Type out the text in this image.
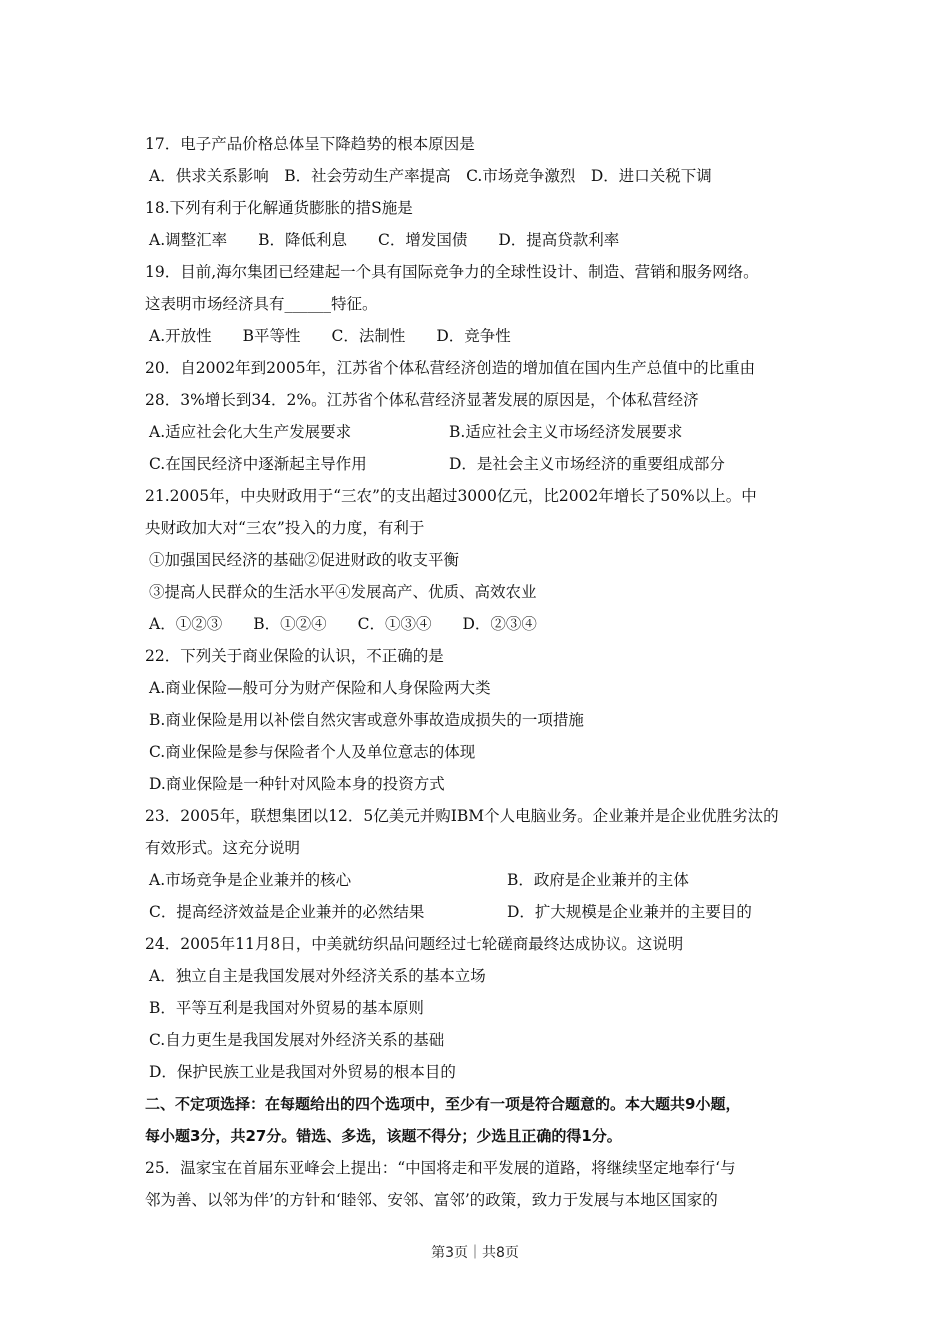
17．电子产品价格总体呈下降趋势的根本原因是
A．供求关系影响　B．社会劳动生产率提高　C.市场竞争激烈　D．进口关税下调
18.下列有利于化解通货膨胀的措S施是
A.调整汇率　　B．降低利息　　C．增发国债　　D．提高贷款利率
19．目前,海尔集团已经建起一个具有国际竞争力的全球性设计、制造、营销和服务网络。
这表明市场经济具有______特征。
A.开放性　　B平等性　　C．法制性　　D．竞争性
20．自2002年到2005年，江苏省个体私营经济创造的增加值在国内生产总值中的比重由
28．3%增长到34．2%。江苏省个体私营经济显著发展的原因是，个体私营经济
A.适应社会化大生产发展要求	B.适应社会主义市场经济发展要求
C.在国民经济中逐渐起主导作用	D．是社会主义市场经济的重要组成部分
21.2005年，中央财政用于“三农”的支出超过3000亿元，比2002年增长了50%以上。中
央财政加大对“三农”投入的力度，有利于
①加强国民经济的基础②促进财政的收支平衡
③提高人民群众的生活水平④发展高产、优质、高效农业
A．①②③　　B．①②④　　C．①③④　　D．②③④
22．下列关于商业保险的认识，不正确的是
A.商业保险—般可分为财产保险和人身保险两大类
B.商业保险是用以补偿自然灾害或意外事故造成损失的一项措施
C.商业保险是参与保险者个人及单位意志的体现
D.商业保险是一种针对风险本身的投资方式
23．2005年，联想集团以12．5亿美元并购IBM个人电脑业务。企业兼并是企业优胜劣汰的
有效形式。这充分说明
A.市场竞争是企业兼并的核心	B．政府是企业兼并的主体
C．提高经济效益是企业兼并的必然结果	D．扩大规模是企业兼并的主要目的
24．2005年11月8日，中美就纺织品问题经过七轮磋商最终达成协议。这说明
A．独立自主是我国发展对外经济关系的基本立场
B．平等互利是我国对外贸易的基本原则
C.自力更生是我国发展对外经济关系的基础
D．保护民族工业是我国对外贸易的根本目的
二、不定项选择：在每题给出的四个选项中，至少有一项是符合题意的。本大题共9小题，
每小题3分，共27分。错选、多选，该题不得分；少选且正确的得1分。
25．温家宝在首届东亚峰会上提出：“中国将走和平发展的道路，将继续坚定地奉行‘与
邻为善、以邻为伴’的方针和‘睦邻、安邻、富邻’的政策，致力于发展与本地区国家的
第3页｜共8页
